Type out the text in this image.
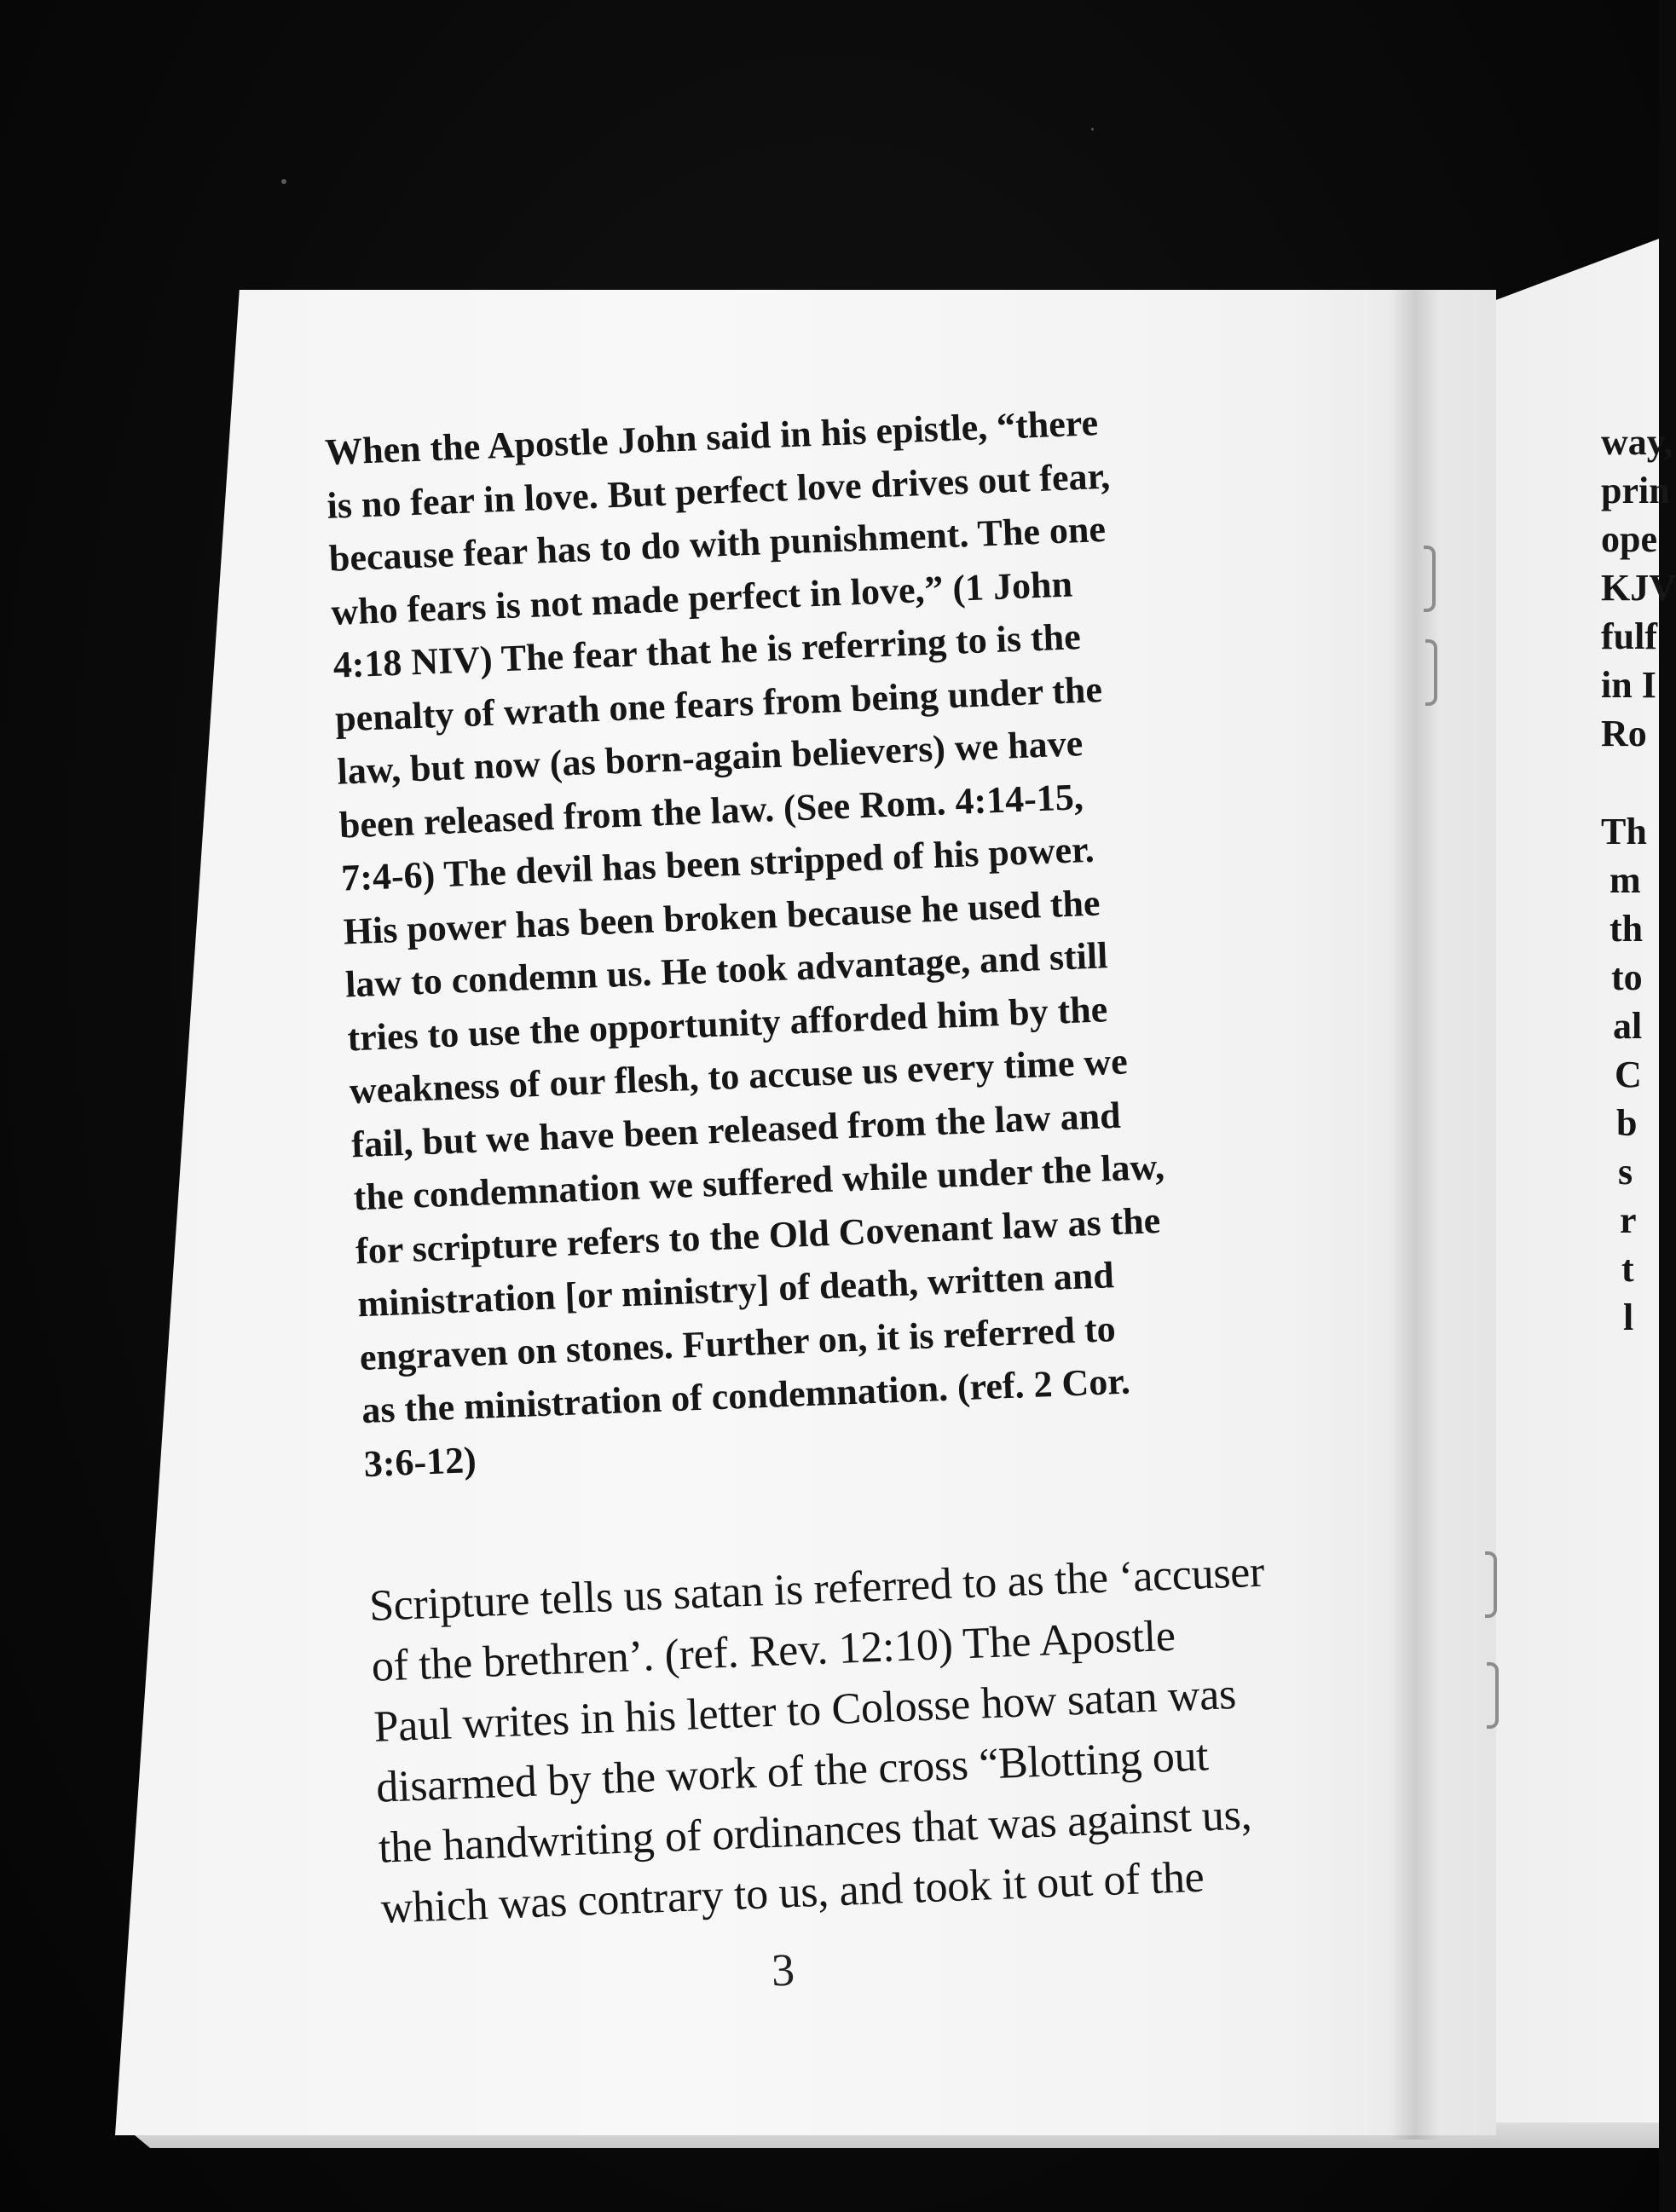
When the Apostle John said in his epistle, “there
is no fear in love. But perfect love drives out fear,
because fear has to do with punishment. The one
who fears is not made perfect in love,” (1 John
4:18 NIV) The fear that he is referring to is the
penalty of wrath one fears from being under the
law, but now (as born-again believers) we have
been released from the law. (See Rom. 4:14-15,
7:4-6) The devil has been stripped of his power.
His power has been broken because he used the
law to condemn us. He took advantage, and still
tries to use the opportunity afforded him by the
weakness of our flesh, to accuse us every time we
fail, but we have been released from the law and
the condemnation we suffered while under the law,
for scripture refers to the Old Covenant law as the
ministration [or ministry] of death, written and
engraven on stones. Further on, it is referred to
as the ministration of condemnation. (ref. 2 Cor.
3:6-12)

Scripture tells us satan is referred to as the ‘accuser
of the brethren’. (ref. Rev. 12:10) The Apostle
Paul writes in his letter to Colosse how satan was
disarmed by the work of the cross “Blotting out
the handwriting of ordinances that was against us,
which was contrary to us, and took it out of the

3
way,
prin
ope
KJV
fulf
in I
Ro
Th
m
th
to
al
C
b
s
r
t
l
